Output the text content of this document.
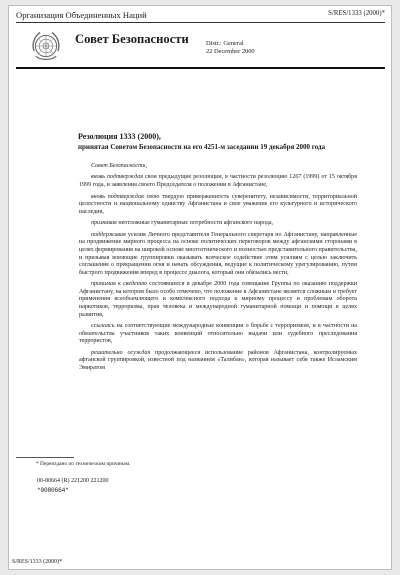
Организация Объединенных Наций	S/RES/1333 (2000)*
Совет Безопасности	Distr.: General
22 December 2000
Резолюция 1333 (2000),
принятая Советом Безопасности на его 4251-м заседании 19 декабря 2000 года

Совет Безопасности,

вновь подтверждая свои предыдущие резолюции, в частности резолюцию 1267 (1999) от 15 октября 1999 года, и заявления своего Председателя о положении в Афганистане,

вновь подтверждая свою твердую приверженность суверенитету, независимости, территориальной целостности и национальному единству Афганистана и свое уважение его культурного и исторического наследия,

признавая неотложные гуманитарные потребности афганского народа,

поддерживая усилия Личного представителя Генерального секретаря по Афганистану, направленные на продвижение мирного процесса на основе политических переговоров между афганскими сторонами в целях формирования на широкой основе многоэтнического и полностью представительного правительства, и призывая воюющие группировки оказывать всяческое содействие этим усилиям с целью заключить соглашение о прекращении огня и начать обсуждения, ведущие к политическому урегулированию, путем быстрого продвижения вперед в процессе диалога, который они обязались вести,

принимая к сведению состоявшееся в декабре 2000 года совещание Группы по оказанию поддержки Афганистану, на котором было особо отмечено, что положение в Афганистане является сложным и требует применения всеобъемлющего и комплексного подхода к мирному процессу и проблемам оборота наркотиков, терроризма, прав человека и международной гуманитарной помощи и помощи в целях развития,

ссылаясь на соответствующие международные конвенции о борьбе с терроризмом, и в частности на обязательства участников таких конвенций относительно выдачи или судебного преследования террористов,

решительно осуждая продолжающееся использование районов Афганистана, контролируемых афганской группировкой, известной под названием «Талибан», которая называет себя также Исламским Эмиратом

* Переиздано по техническим причинам.
00-80664 (R) 221200 221200
*0080664*
S/RES/1333 (2000)*
